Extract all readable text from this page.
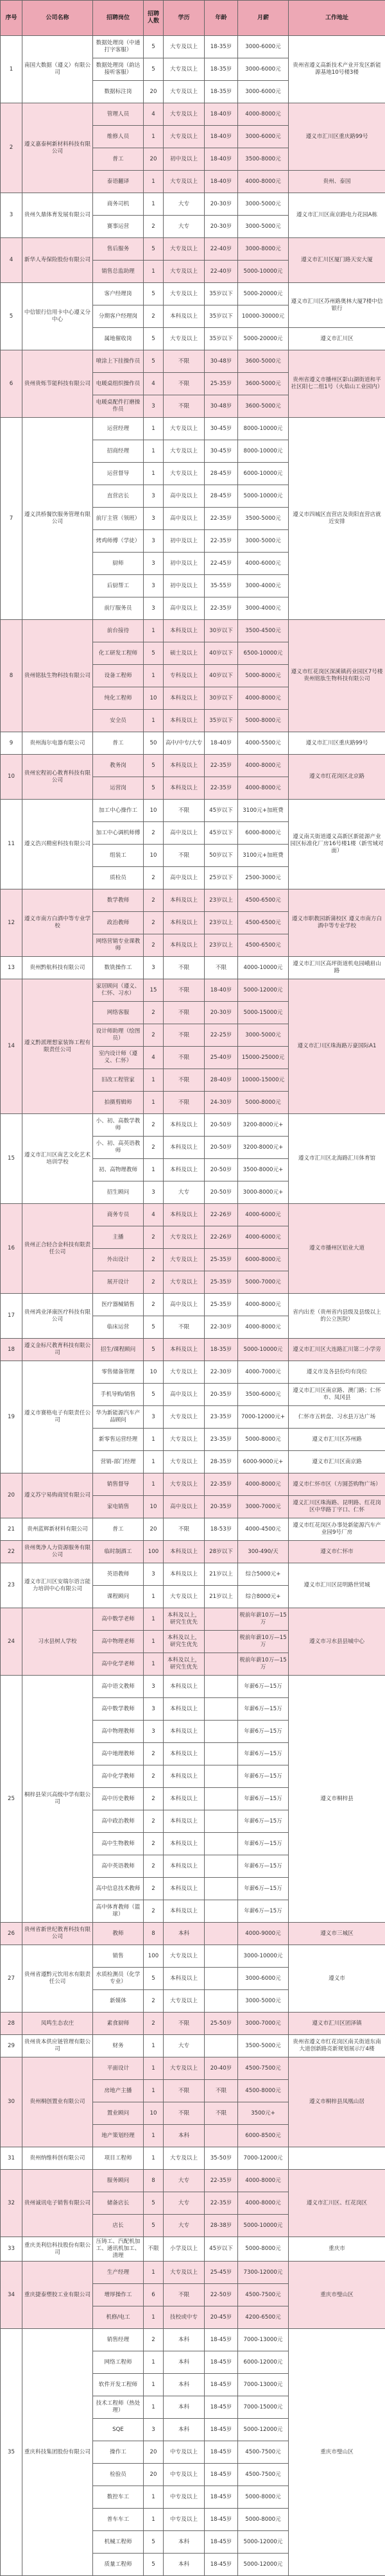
序号	公司名称	招聘岗位	招聘人数	学历	年龄	月薪	工作地址
1	南国大数据（遵义）有限公司	数据处理岗（中通打字客服）	5	大专及以上	18-35岁	3000-6000元	贵州省遵义高新技术产业开发区新能源基地10号楼3楼
		数据处理岗（韵达接听客服）	5	大专及以上	18-35岁	3000-6000元	
		数据标注岗	20	大专及以上	18-35岁	3000-6000元	
2	遵义嘉泰柯新材料科技有限公司	管理人员	4	大专及以上	18-40岁	4000-8000元	遵义市汇川区重庆路99号
		维修人员	1	大专及以上	18-40岁	3000-6000元	
		普工	20	初中及以上	18-40岁	3500-8000元	
		泰语翻译	1	大专及以上	18-40岁	4000-8000元	贵州、泰国
3	贵州久鼎体育发展有限公司	商务司机	1	大专	20-30岁	3000-5000元	遵义市汇川区南京路电力花园A栋
		赛事运营	2	大专	20-30岁	3000-5000元	
4	新华人寿保险股份有限公司	售后服务	5	大专及以上	22-40岁	3000-8000元	遵义市汇川区厦门路天安大厦
		销售总监助理	1	大专及以上	22-40岁	5000-10000元	
5	中信银行信用卡中心遵义分中心	客户经理岗	5	大专及以上	35岁以下	5000-20000元	遵义市汇川区苏州路奥林大厦7楼中信银行
		分期客户经理岗	2	本科及以上	35岁以下	10000-30000元	
		属地催收岗	5	大专及以上	35岁以下	5000-20000元	遵义市汇川区
6	贵州贵烁节能科技有限公司	喷涂上下挂操作员	5	不限	30-48岁	3600-5000元	贵州省遵义市播州区影山湖街道和平社区阳七二组1号（火焰山工业园内）
		电暖桌组织操作员	4	不限	25-35岁	3600-5000元	
		电暖桌配件打磨操作员	3	不限	30-48岁	3600-5000元	
7	遵义洪桥餐饮服务管理有限公司	运营经理	1	大专及以上	30-45岁	8000-10000元	遵义市四城区直营店及贵阳直营店就近安排
		招商经理	1	大专及以上	30-45岁	8000-10000元	
		运营督导	1	大专及以上	28-45岁	6000-10000元	
		直营店长	3	高中及以上	28-45岁	5000-10000元	
		前厅主管（领班）	3	高中及以上	22-35岁	3500-5000元	
		烤鸡师傅（学徒）	3	初中及以上	22-35岁	3000-5000元	
		厨师	3	初中及以上	22-45岁	4000-6000元	
		后厨帮工	3	初中及以上	35-55岁	3000-4000元	
		前厅服务员	3	高中及以上	22-35岁	3000-4000元	
8	贵州铭肽生物科技有限公司	前台接待	1	本科及以上	30岁以下	3500-4500元	遵义市红花岗区深溪镇药业园区7号楼贵州铭肽生物科技有限公司
		化工研发工程师	5	硕士及以上	40岁以下	6500-10000元	
		设备工程师	1	专科及以上	40岁以下	5000-8000元	
		纯化工程师	10	本科及以上	30岁以下	4000-8000元	
		安全员	1	本科及以上	35岁以下	5000-8000元	
9	贵州海尔电器有限公司	普工	50	高中/中专/大专	18-40岁	4000-5500元	遵义市汇川区重庆路99号
10	贵州宏程初心教育科技有限公司	教务岗	5	本科及以上	22-35岁	4000-8000元	遵义市红花岗区北京路
		运营岗	5	本科及以上	22-35岁	4000-8000元	
11	遵义浩兴精密科技有限公司	加工中心操作工	10	不限	45岁以下	3100元+加班费	遵义南关街道遵义高新区新能源产业园区标准化厂房16号楼1楼（新雪域对面）
		加工中心调机师傅	2	高中及以上	45岁以下	6000-8000元	
		组装工	10	不限	50岁以下	3100元+加班费	
		质检员	2	高中及以上	25岁以下	2500-3000元	
12	遵义市南方白酒中等专业学校	数学教师	2	本科及以上	23岁以上	4500-6500元	遵义市职教园新蒲校区 遵义市南方白酒中等专业学校
		政治教师	2	本科及以上	23岁以上	4500-6500元	
		网络营销专业课教师	2	本科及以上	23岁以上	4500-6500元	
13	贵州黔航科技有限公司	数铣操作工	3	不限	不限	4000-10000元	遵义市汇川区高坪街道机电园峨眉山路
14	遵义黔派理想家装饰工程有限责任公司	家居顾问（遵义、仁怀、习水）	15	不限	18-40岁	5000-12000元	遵义市汇川区珠海路万豪国际A1
		网络客服	2	不限	20-30岁	5000-15000元	
		设计师助理（绘图员）	2	不限	22-25岁	3000-5000元	
		室内设计师（遵义、仁怀）	4	不限	25-40岁	15000-25000元	
		旧改工程管家	1	不限	28-40岁	10000-15000元	
		拍摄剪辑师	1	不限	24-30岁	5000-8000元	
15	遵义市汇川区南艺文化艺术培训学校	小、初、高数学教师	2	本科及以上	20-50岁	3200-8000元+	遵义市汇川区北海路汇川体育馆
		小、初、高英语教师	2	本科及以上	20-50岁	3200-8000元+	
		初、高物理教师	1	本科及以上	20-50岁	3500-8000元+	
		招生顾问	3	大专	20-50岁	3000-8000元+	
16	贵州正合轻合金科技有限责任公司	商务专员	4	本科及以上	22-26岁	4000-6000元	遵义市播州区铝业大道
		主播	2	大专及以上	22-26岁	4000-6000元	
		外出设计	2	大专及以上	25-35岁	6000-8000元	
		展开设计	2	大专及以上	25-35岁	5000-7000元	
17	贵州鸿业泽康医疗科技有限公司	医疗器械销售	2	高中及以上	25-35岁	4000-8000元	省内出差（贵州省内县级及县级以上的公立医院）
		临床运营	5	不限	22-30岁	4000-8000元	
18	遵义金标尺教育科技有限公司	招生/课程顾问	5	本科及以上	18-35岁	5000-10000元	遵义市汇川区大连路汇川第二小学旁
19	遵义市赛格电子有限责任公司	零售储备管理	10	大专及以上	22-30岁	4000-7000元	遵义市及各县份均有岗位
		手机导购/销售	5	高中及以上	20-35岁	3500-6000元	遵义市汇川区南京路、澳门路；仁怀市、凤冈县
		华为新能源汽车产品顾问	3	大专及以上	23-35岁	7000-12000元+	仁怀市五转盘、习水县万达广场
		新零售运营经理	1	大专及以上	23-35岁	5000-8000元	遵义市汇川区苏州路
		营销-部门经理	1	大专及以上	28-35岁	6000-9000元+	遵义市汇川区南京路
20	遵义苏宁易购商贸有限公司	销售督导	1	大专及以上	22-35岁	4000-8000元	遵义市仁怀市区（方圆荟购物广场）
		家电销售	10	高中及以上	20-35岁	3000-7000元	遵义汇川区珠海路、昆明路、红花岗区中华路丁字口、仁怀
21	贵州蓝辉新材料有限公司	普工	20	不限	18-53岁	4000-4500元	遵义市红花岗区办事处新能源汽车产业园9号厂房
22	贵州奥净人力资源服务有限公司	临时制酒工	100	本科及以上	28岁以下	300-490/天	遵义市仁怀市
23	遵义市汇川区安瑞尔语言能力培训中心有限公司	英语教师	3	本科及以上	21岁以上	综合5000元+	遵义市汇川区昆明路世贸城
		课程顾问	1	大专及以上	21岁以上	综合8000元+	
24	习水县树人学校	高中数学老师	1	本科及以上，研究生优先		税前年薪10万—15万	遵义市习水县县城中心
		高中物理老师	1	本科及以上，研究生优先		税前年薪10万—15万	
		高中化学老师	1	本科及以上，研究生优先		税前年薪10万—15万	
25	桐梓县荣兴高级中学有限公司	高中语文教师	3	本科及以上		年薪6万—15万	遵义市桐梓县
		高中数学教师	3	本科及以上		年薪6万—15万	
		高中物理教师	3	本科及以上		年薪6万—15万	
		高中地理教师	2	本科及以上		年薪6万—15万	
		高中化学教师	2	本科及以上		年薪6万—15万	
		高中历史教师	2	本科及以上		年薪6万—15万	
		高中政治教师	2	本科及以上		年薪6万—15万	
		高中生物教师	2	本科及以上		年薪6万—15万	
		高中英语教师	2	本科及以上		年薪6万—15万	
		高中信息技术教师	2	本科及以上		年薪6万—15万	
		高中体育教师（篮球）	2	本科及以上		年薪6万—15万	
26	贵州省新世纪教育科技有限公司	教师	8	本科		4000-9000元	遵义市三城区
27	贵州省遵黔元饮用水有限责任公司	销售	100	大专及以上		3000-10000元	遵义市
		水质检测员（化学专业）	5	本科及以上		3000-6000元	
		新媒体	2	大专及以上		3000-5000元	
28	凤鸣生态农庄	素食厨师	2	不限	25-50岁	3000-7000元	遵义市汇川区团泽镇
29	贵州贵本供应链管理有限公司	财务	1	大专		3500-5000元	贵州省遵义市红花岗区南关街道东南大道创新路亮新规划展示厅4楼
30	贵州桐创置业有限公司	平面设计	1	大专及以上	20-40岁	4500-7500元	遵义市桐梓县凤凰山居
		房地产主播	1	不限	不限	4500-8000元	
		置业顾问	10	不限	不限	3500元+	
		地产策划经理	1	本科		6000-8500元	
31	贵州纳维科创有限公司	项目工程师	1	大专及以上	35-50岁	7000-12000元	
32	贵州诚讯电子销售有限公司	服务顾问	8	大专	22-35岁	4000-8000元	遵义市汇川区、红花岗区
		储备店长	5	大专	22-35岁	4000-8000元	
		店长	5	大专	28-38岁	5000-10000元	
33	重庆美利信科技股份有限公司	压铸工、汽配机加工、通讯机加工、清理	不限	小学及以上	45岁以下	5000-8000元	重庆市
34	重庆捷泰塑胶工业有限公司	生产经理	1	大专及以上	25-45岁	7300-12000元	重庆市璧山区
		增厚操作工	6	不限	22-50岁	4500-7500元	
		机修/电工	1	技校或中专	20-45岁	4200-6500元	
35	重庆科技集团股份有限公司	销售经理	2	本科	18-45岁	7000-13000元	重庆市璧山区
		网络工程师	1	本科	18-45岁	6000-12000元	
		软件开发工程师	1	本科	18-45岁	7000-13000元	
		技术工程师（热处理）	1	本科	18-45岁	7000-15000元	
		SQE	3	本科	18-45岁	5000-12000元	
		操作工	20	中专及以上	18-45岁	4500-7500元	
		检验员	20	中专及以上	18-45岁	4500-7500元	
		数控车工	1	中专及以上	18-45岁	5000-8000元	
		普车车工	1	中专及以上	18-45岁	5000-8000元	
		机械工程师	5	本科	18-45岁	5000-12000元	
		质量工程师	5	本科	18-45岁	5000-12000元	
